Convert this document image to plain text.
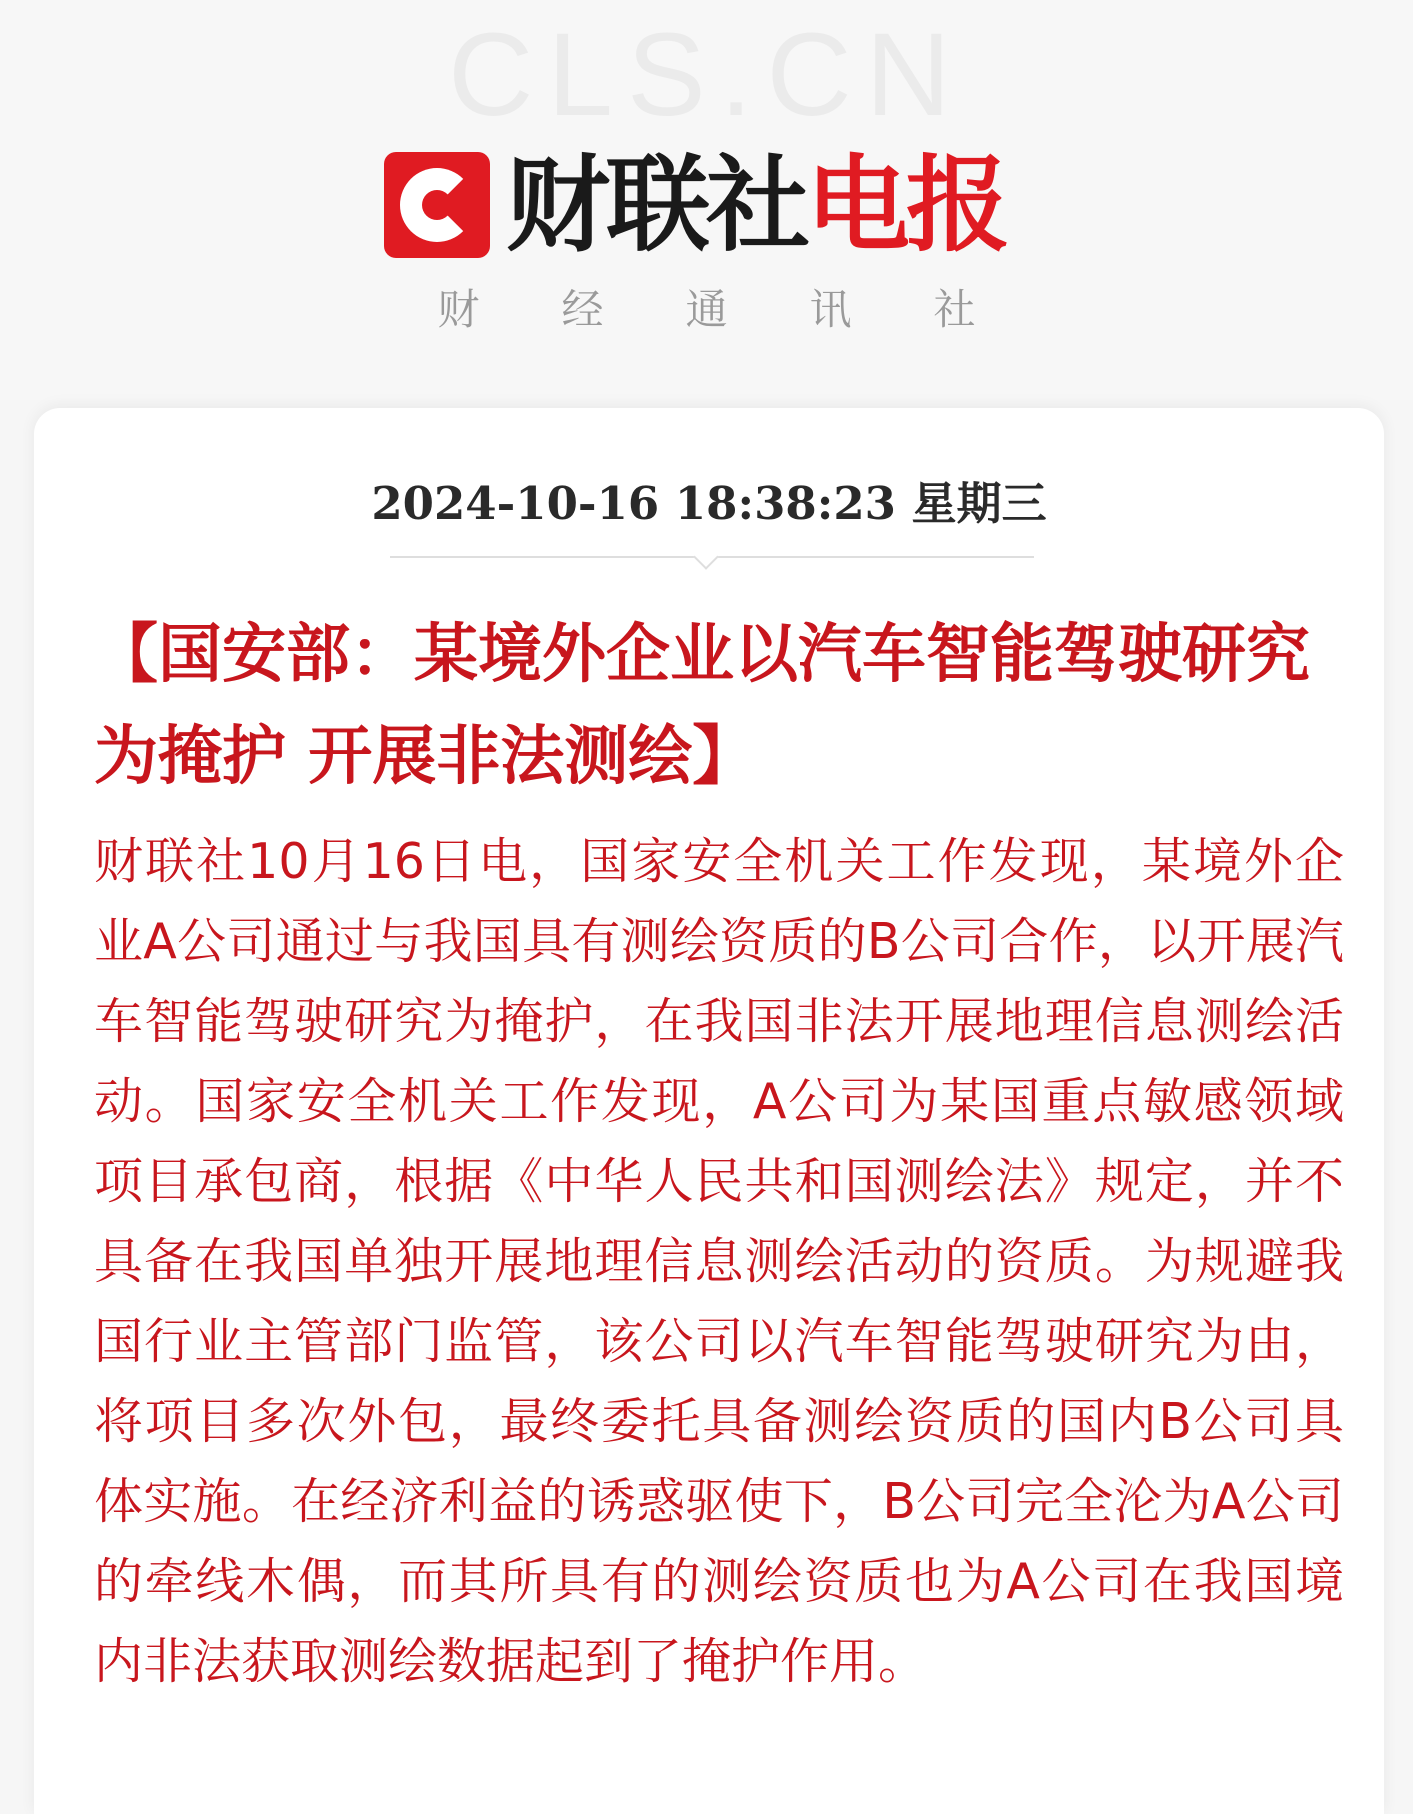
CLS.CN
财联社 电报
财经通讯社
2024-10-16 18:38:23 星期三
【国安部：某境外企业以汽车智能驾驶研究为掩护 开展非法测绘】
财联社10月16日电，国家安全机关工作发现，某境外企业A公司通过与我国具有测绘资质的B公司合作，以开展汽车智能驾驶研究为掩护，在我国非法开展地理信息测绘活动。国家安全机关工作发现，A公司为某国重点敏感领域项目承包商，根据《中华人民共和国测绘法》规定，并不具备在我国单独开展地理信息测绘活动的资质。为规避我国行业主管部门监管，该公司以汽车智能驾驶研究为由，将项目多次外包，最终委托具备测绘资质的国内B公司具体实施。在经济利益的诱惑驱使下，B公司完全沦为A公司的牵线木偶，而其所具有的测绘资质也为A公司在我国境内非法获取测绘数据起到了掩护作用。
